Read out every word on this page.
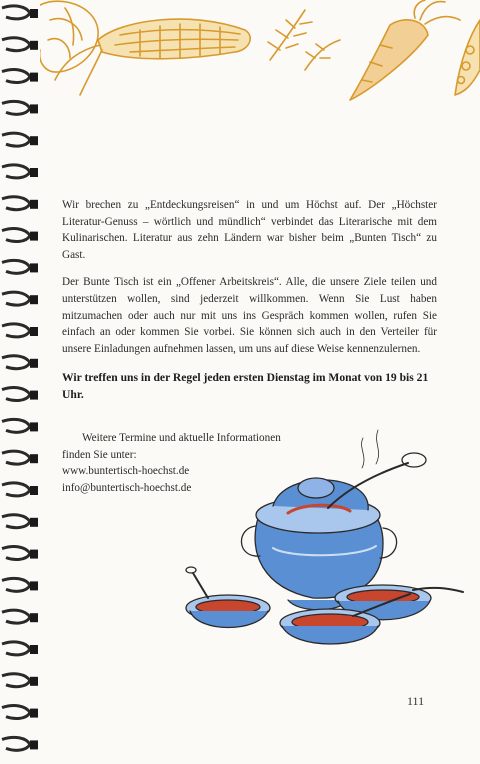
Wir brechen zu „Entdeckungsreisen“ in und um Höchst auf. Der „Höchster Literatur-Genuss – wörtlich und mündlich“ verbindet das Literarische mit dem Kulinarischen. Literatur aus zehn Ländern war bisher beim „Bunten Tisch“ zu Gast.

Der Bunte Tisch ist ein „Offener Arbeitskreis“. Alle, die unsere Ziele teilen und unterstützen wollen, sind jederzeit willkommen. Wenn Sie Lust haben mitzumachen oder auch nur mit uns ins Gespräch kommen wollen, rufen Sie einfach an oder kommen Sie vorbei. Sie können sich auch in den Verteiler für unsere Einladungen aufnehmen lassen, um uns auf diese Weise kennenzulernen.

Wir treffen uns in der Regel jeden ersten Dienstag im Monat von 19 bis 21 Uhr.

Weitere Termine und aktuelle Informationen
finden Sie unter:
www.buntertisch-hoechst.de
info@buntertisch-hoechst.de
111
